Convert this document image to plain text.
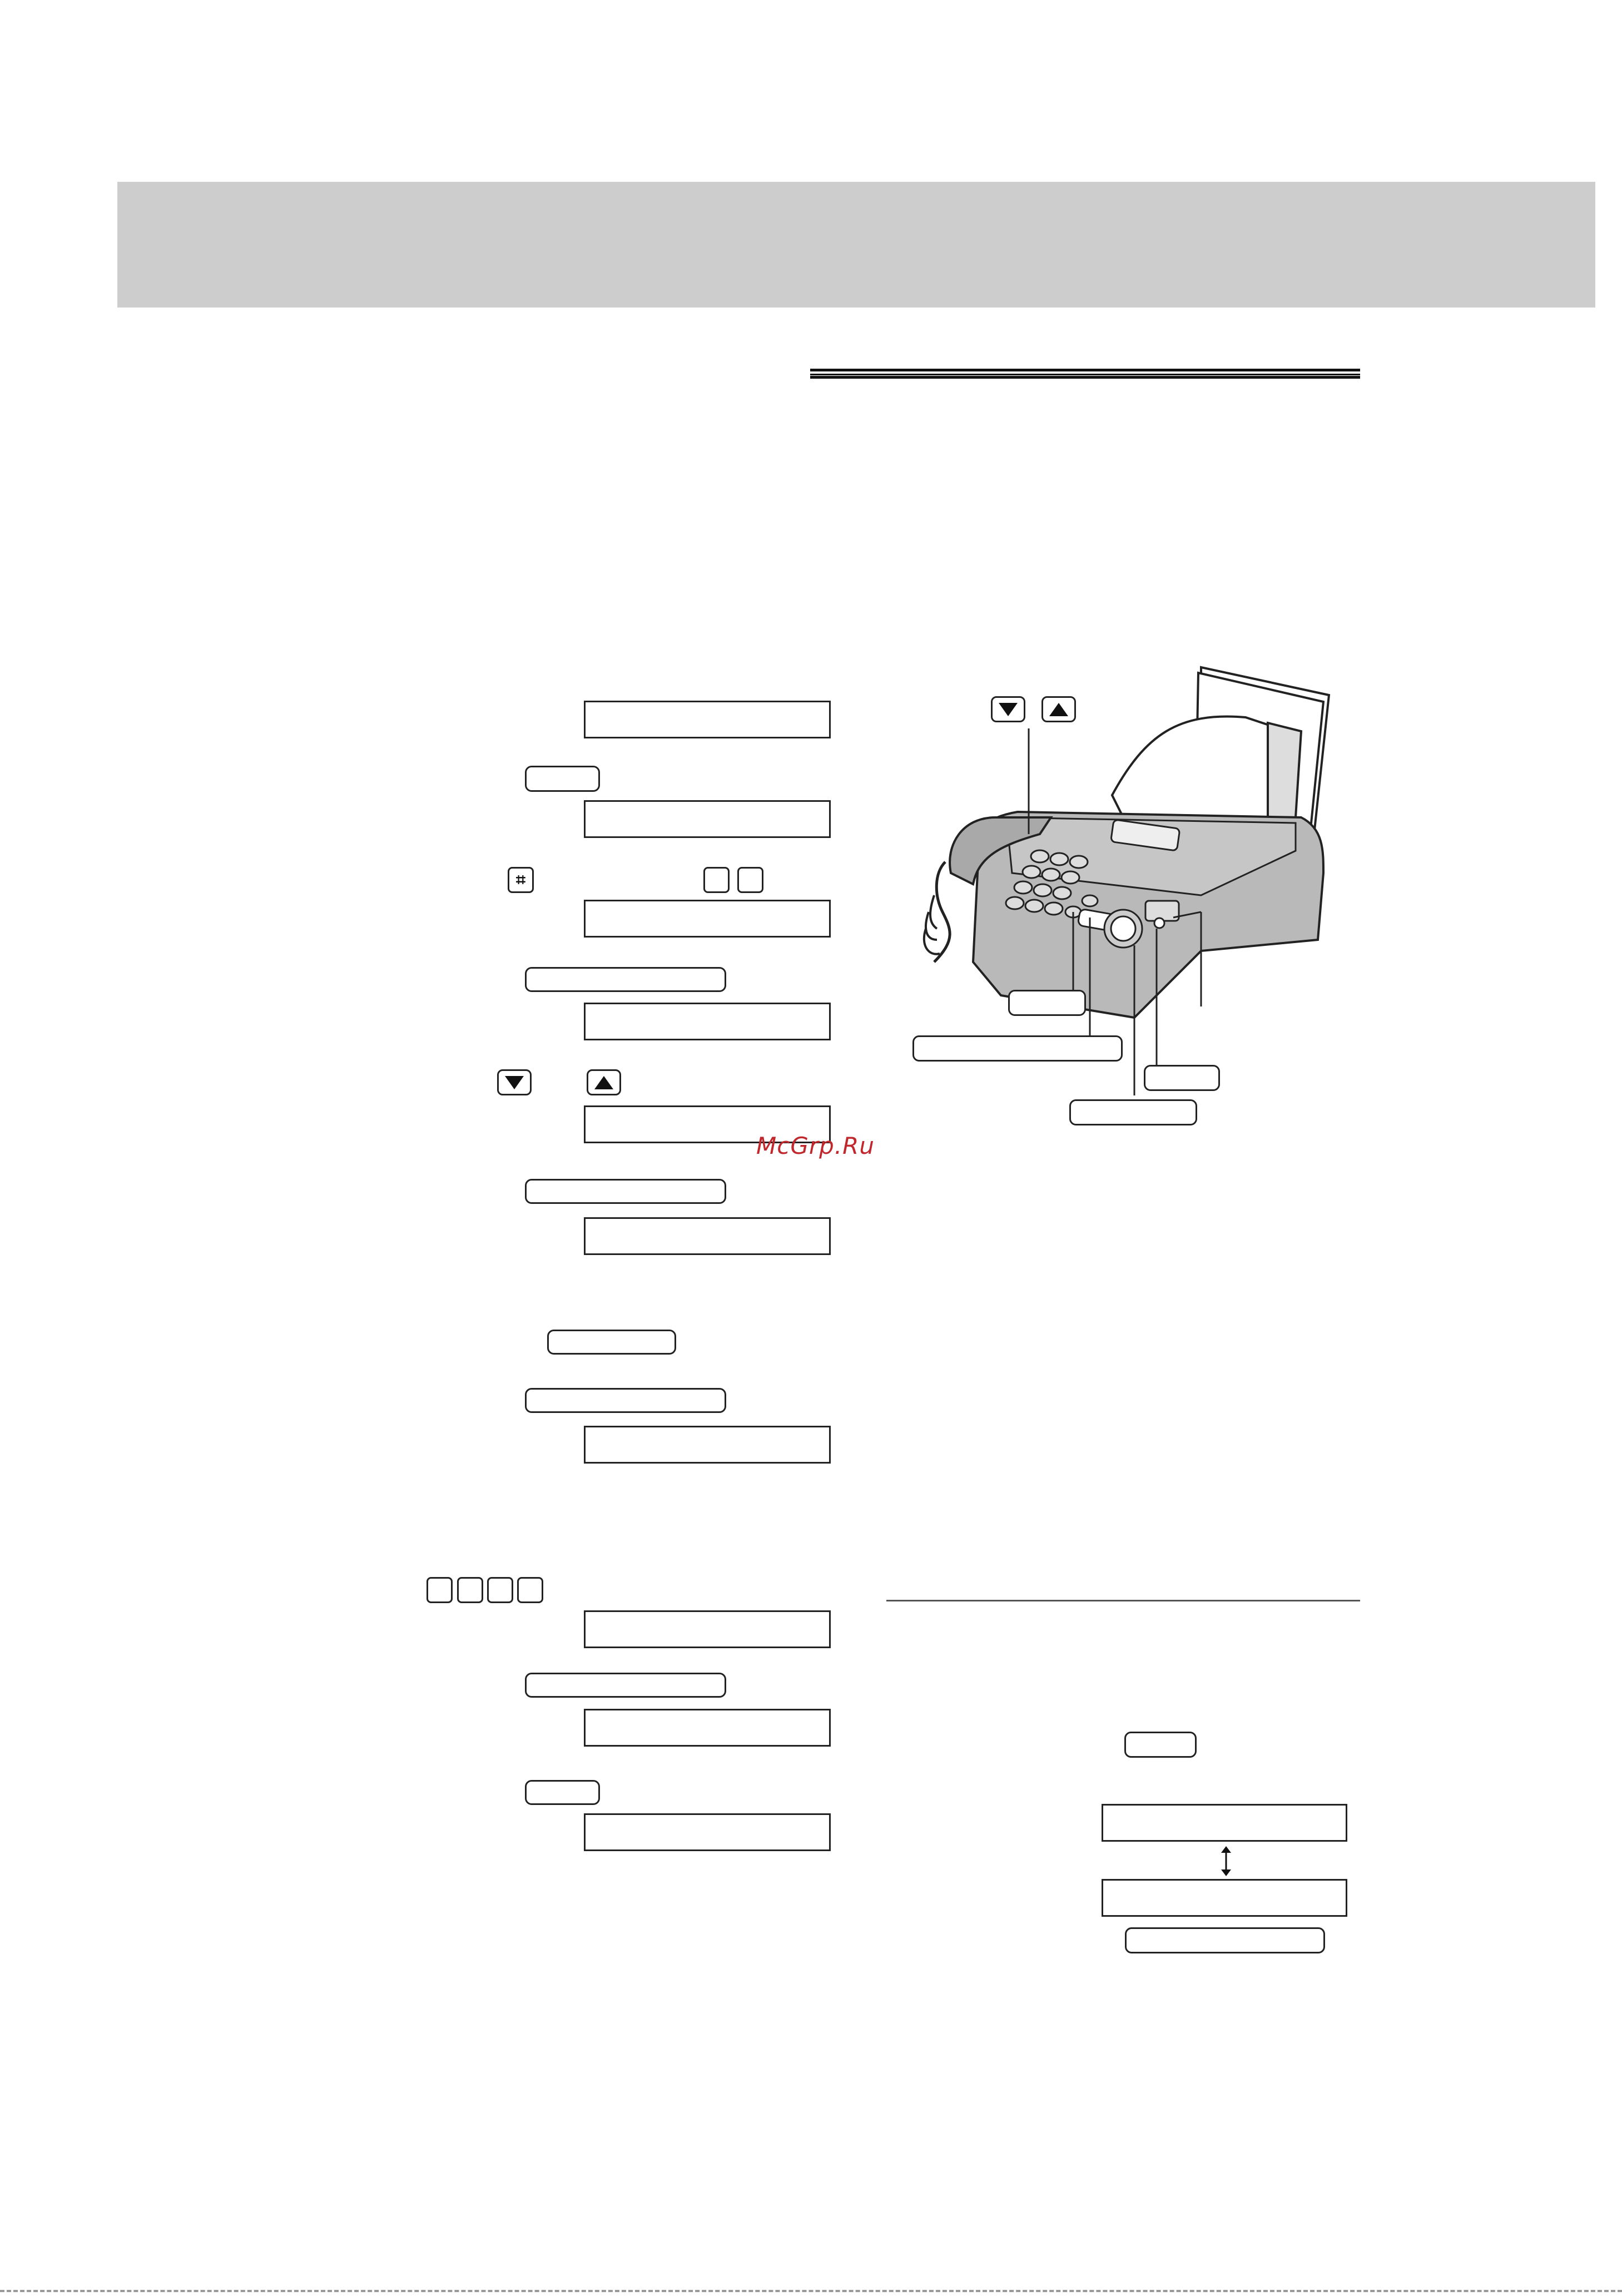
⌗
McGrp.Ru
